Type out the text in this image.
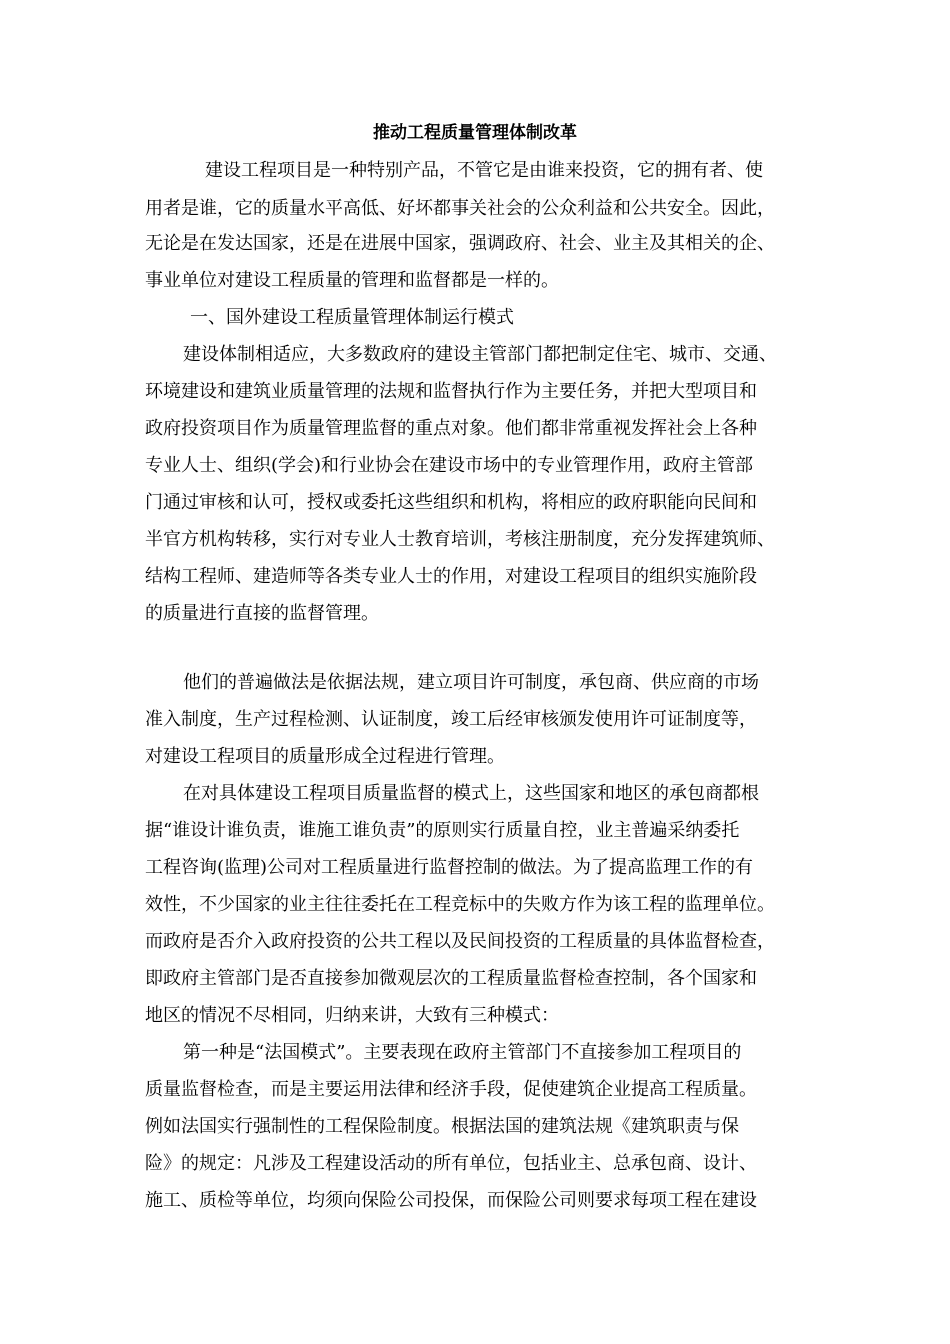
推动工程质量管理体制改革
建设工程项目是一种特别产品，不管它是由谁来投资，它的拥有者、使
用者是谁，它的质量水平高低、好坏都事关社会的公众利益和公共安全。因此，
无论是在发达国家，还是在进展中国家，强调政府、社会、业主及其相关的企、
事业单位对建设工程质量的管理和监督都是一样的。
一、国外建设工程质量管理体制运行模式
建设体制相适应，大多数政府的建设主管部门都把制定住宅、城市、交通、
环境建设和建筑业质量管理的法规和监督执行作为主要任务，并把大型项目和
政府投资项目作为质量管理监督的重点对象。他们都非常重视发挥社会上各种
专业人士、组织(学会)和行业协会在建设市场中的专业管理作用，政府主管部
门通过审核和认可，授权或委托这些组织和机构，将相应的政府职能向民间和
半官方机构转移，实行对专业人士教育培训，考核注册制度，充分发挥建筑师、
结构工程师、建造师等各类专业人士的作用，对建设工程项目的组织实施阶段
的质量进行直接的监督管理。
他们的普遍做法是依据法规，建立项目许可制度，承包商、供应商的市场
准入制度，生产过程检测、认证制度，竣工后经审核颁发使用许可证制度等，
对建设工程项目的质量形成全过程进行管理。
在对具体建设工程项目质量监督的模式上，这些国家和地区的承包商都根
据“谁设计谁负责，谁施工谁负责”的原则实行质量自控，业主普遍采纳委托
工程咨询(监理)公司对工程质量进行监督控制的做法。为了提高监理工作的有
效性，不少国家的业主往往委托在工程竞标中的失败方作为该工程的监理单位。
而政府是否介入政府投资的公共工程以及民间投资的工程质量的具体监督检查，
即政府主管部门是否直接参加微观层次的工程质量监督检查控制，各个国家和
地区的情况不尽相同，归纳来讲，大致有三种模式：
第一种是“法国模式”。主要表现在政府主管部门不直接参加工程项目的
质量监督检查，而是主要运用法律和经济手段，促使建筑企业提高工程质量。
例如法国实行强制性的工程保险制度。根据法国的建筑法规《建筑职责与保
险》的规定：凡涉及工程建设活动的所有单位，包括业主、总承包商、设计、
施工、质检等单位，均须向保险公司投保，而保险公司则要求每项工程在建设
